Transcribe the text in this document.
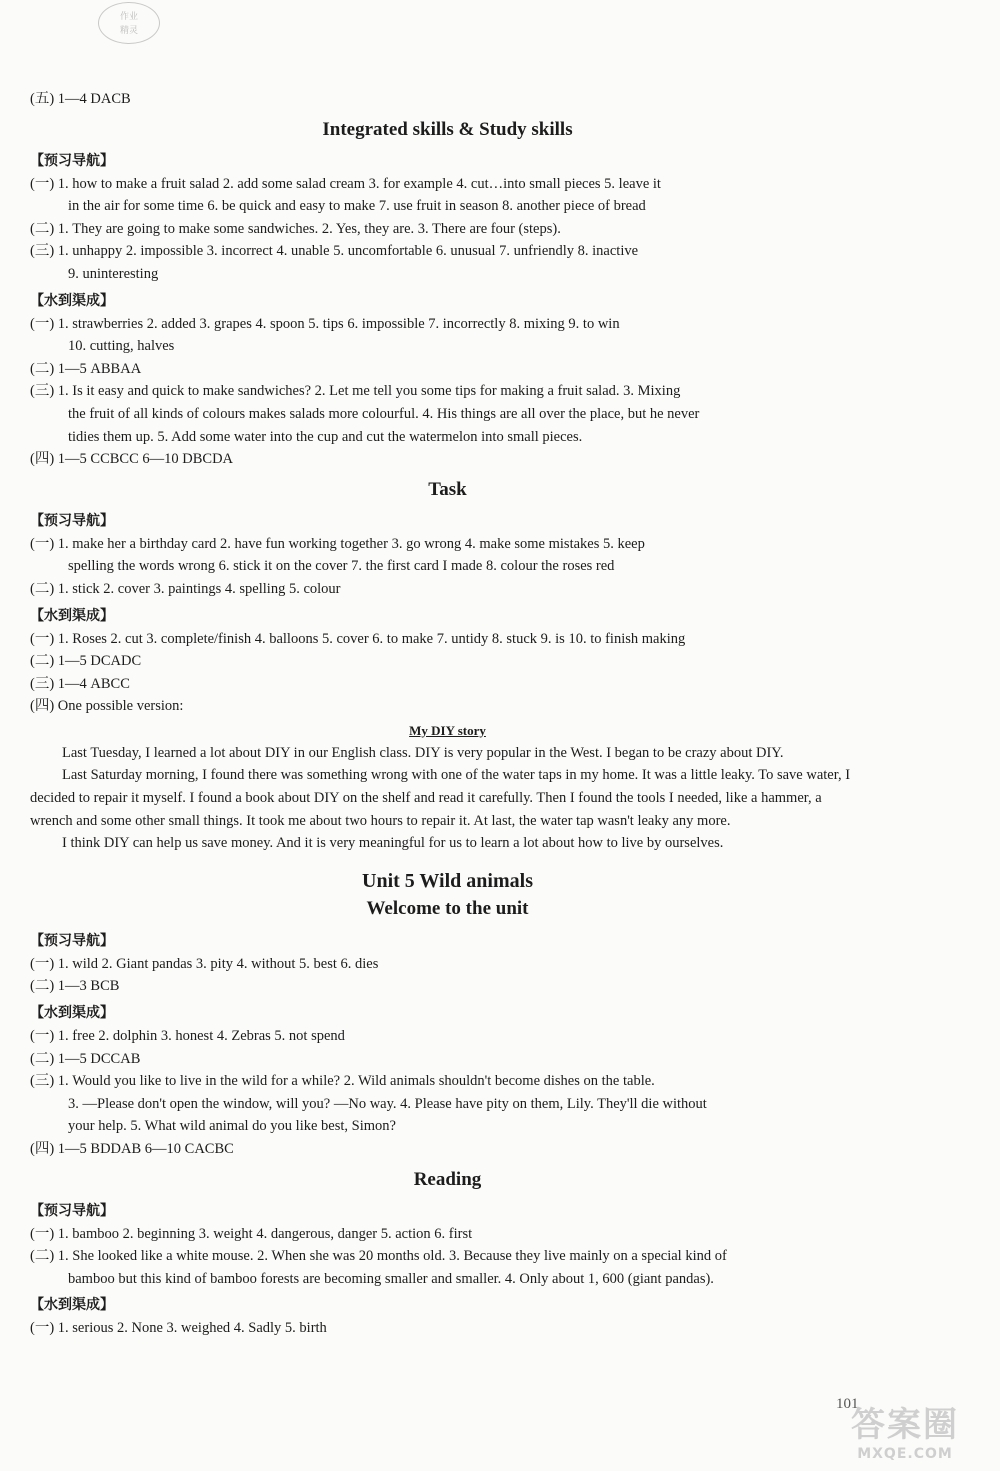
作业
精灵
(五) 1—4 DACB
Integrated skills & Study skills
【预习导航】
(一) 1. how to make a fruit salad 2. add some salad cream 3. for example 4. cut…into small pieces 5. leave it
in the air for some time 6. be quick and easy to make 7. use fruit in season 8. another piece of bread
(二) 1. They are going to make some sandwiches. 2. Yes, they are. 3. There are four (steps).
(三) 1. unhappy 2. impossible 3. incorrect 4. unable 5. uncomfortable 6. unusual 7. unfriendly 8. inactive
9. uninteresting
【水到渠成】
(一) 1. strawberries 2. added 3. grapes 4. spoon 5. tips 6. impossible 7. incorrectly 8. mixing 9. to win
10. cutting, halves
(二) 1—5 ABBAA
(三) 1. Is it easy and quick to make sandwiches? 2. Let me tell you some tips for making a fruit salad. 3. Mixing
the fruit of all kinds of colours makes salads more colourful. 4. His things are all over the place, but he never
tidies them up. 5. Add some water into the cup and cut the watermelon into small pieces.
(四) 1—5 CCBCC 6—10 DBCDA
Task
【预习导航】
(一) 1. make her a birthday card 2. have fun working together 3. go wrong 4. make some mistakes 5. keep
spelling the words wrong 6. stick it on the cover 7. the first card I made 8. colour the roses red
(二) 1. stick 2. cover 3. paintings 4. spelling 5. colour
【水到渠成】
(一) 1. Roses 2. cut 3. complete/finish 4. balloons 5. cover 6. to make 7. untidy 8. stuck 9. is 10. to finish making
(二) 1—5 DCADC
(三) 1—4 ABCC
(四) One possible version:
My DIY story
Last Tuesday, I learned a lot about DIY in our English class. DIY is very popular in the West. I began to be crazy about DIY.
Last Saturday morning, I found there was something wrong with one of the water taps in my home. It was a little leaky. To save water, I decided to repair it myself. I found a book about DIY on the shelf and read it carefully. Then I found the tools I needed, like a hammer, a wrench and some other small things. It took me about two hours to repair it. At last, the water tap wasn't leaky any more.
I think DIY can help us save money. And it is very meaningful for us to learn a lot about how to live by ourselves.
Unit 5 Wild animals
Welcome to the unit
【预习导航】
(一) 1. wild 2. Giant pandas 3. pity 4. without 5. best 6. dies
(二) 1—3 BCB
【水到渠成】
(一) 1. free 2. dolphin 3. honest 4. Zebras 5. not spend
(二) 1—5 DCCAB
(三) 1. Would you like to live in the wild for a while? 2. Wild animals shouldn't become dishes on the table.
3. —Please don't open the window, will you? —No way. 4. Please have pity on them, Lily. They'll die without
your help. 5. What wild animal do you like best, Simon?
(四) 1—5 BDDAB 6—10 CACBC
Reading
【预习导航】
(一) 1. bamboo 2. beginning 3. weight 4. dangerous, danger 5. action 6. first
(二) 1. She looked like a white mouse. 2. When she was 20 months old. 3. Because they live mainly on a special kind of
bamboo but this kind of bamboo forests are becoming smaller and smaller. 4. Only about 1, 600 (giant pandas).
【水到渠成】
(一) 1. serious 2. None 3. weighed 4. Sadly 5. birth
101
答案圈
MXQE.COM
